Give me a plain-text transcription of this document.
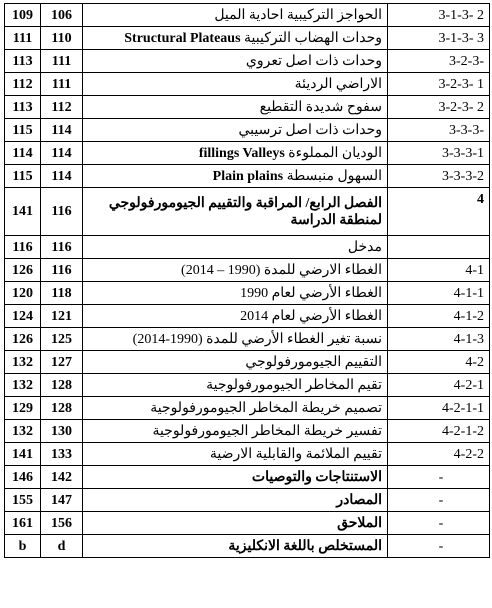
109	106	الحواجز التركيبية احادية الميل	3-1-3- 2
111	110	وحدات الهضاب التركيبية Structural Plateaus	3-1-3- 3
113	111	وحدات ذات اصل تعروي	3-2-3-
112	111	الاراضي الرديئة	3-2-3- 1
113	112	سفوح شديدة التقطيع	3-2-3- 2
115	114	وحدات ذات اصل ترسيبي	3-3-3-
114	114	الوديان المملوءة fillings Valleys	3-3-3-1
115	114	السهول منبسطة Plain plains	3-3-3-2
141	116	الفصل الرابع/ المراقبة والتقييم الجيومورفولوجي لمنطقة الدراسة	4
116	116	مدخل	
126	116	الغطاء الارضي للمدة (1990 – 2014)	4-1
120	118	الغطاء الأرضي لعام 1990	4-1-1
124	121	الغطاء الأرضي لعام 2014	4-1-2
126	125	نسبة تغير الغطاء الأرضي للمدة (1990-2014)	4-1-3
132	127	التقييم الجيومورفولوجي	4-2
132	128	تقيم المخاطر الجيومورفولوجية	4-2-1
129	128	تصميم خريطة المخاطر الجيومورفولوجية	4-2-1-1
132	130	تفسير خريطة المخاطر الجيومورفولوجية	4-2-1-2
141	133	تقييم الملائمة والقابلية الارضية	4-2-2
146	142	الاستنتاجات والتوصيات	-
155	147	المصادر	-
161	156	الملاحق	-
b	d	المستخلص باللغة الانكليزية	-
